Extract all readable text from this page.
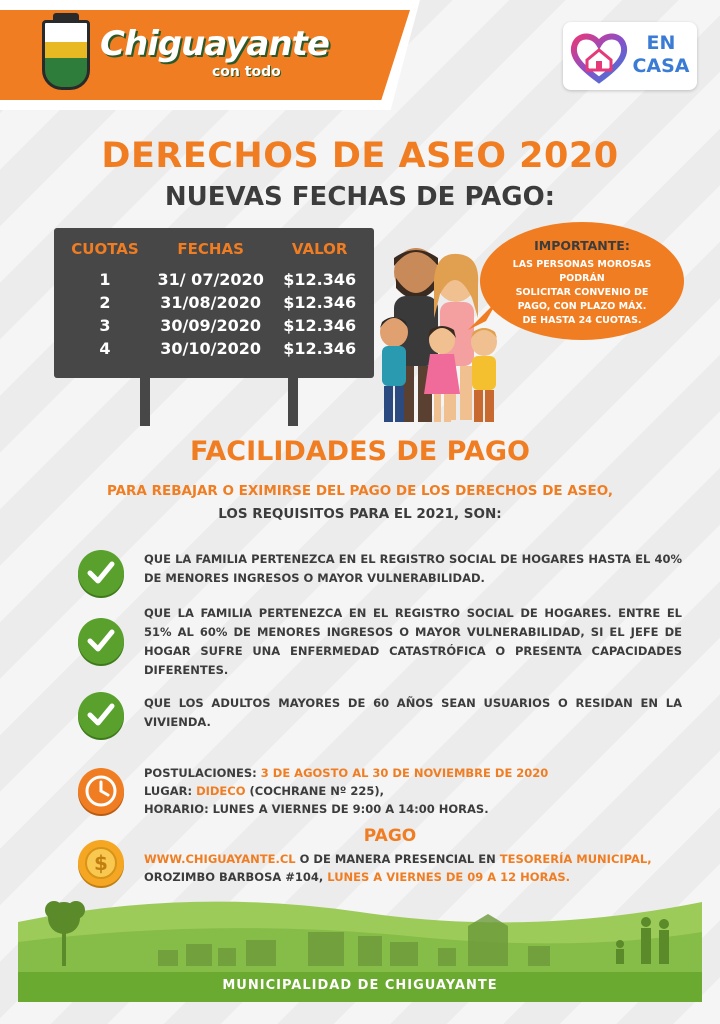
Chiguayante
con todo
EN
CASA
DERECHOS DE ASEO 2020
NUEVAS FECHAS DE PAGO:
CUOTAS	FECHAS	VALOR
1	31/ 07/2020	$12.346
2	31/08/2020	$12.346
3	30/09/2020	$12.346
4	30/10/2020	$12.346
IMPORTANTE:
LAS PERSONAS MOROSAS PODRÁN
SOLICITAR CONVENIO DE
PAGO, CON PLAZO MÁX.
DE HASTA 24 CUOTAS.
FACILIDADES DE PAGO
PARA REBAJAR O EXIMIRSE DEL PAGO DE LOS DERECHOS DE ASEO,
LOS REQUISITOS PARA EL 2021, SON:
QUE LA FAMILIA PERTENEZCA EN EL REGISTRO SOCIAL DE HOGARES HASTA EL 40% DE MENORES INGRESOS O MAYOR VULNERABILIDAD.
QUE LA FAMILIA PERTENEZCA EN EL REGISTRO SOCIAL DE HOGARES. ENTRE EL 51% AL 60% DE MENORES INGRESOS O MAYOR VULNERABILIDAD, SI EL JEFE DE HOGAR SUFRE UNA ENFERMEDAD CATASTRÓFICA O PRESENTA CAPACIDADES DIFERENTES.
QUE LOS ADULTOS MAYORES DE 60 AÑOS SEAN USUARIOS O RESIDAN EN LA VIVIENDA.
POSTULACIONES: 3 DE AGOSTO AL 30 DE NOVIEMBRE DE 2020
LUGAR: DIDECO (COCHRANE Nº 225),
HORARIO: LUNES A VIERNES DE 9:00 A 14:00 HORAS.
PAGO
$	WWW.CHIGUAYANTE.CL O DE MANERA PRESENCIAL EN TESORERÍA MUNICIPAL,
OROZIMBO BARBOSA #104, LUNES A VIERNES DE 09 A 12 HORAS.
MUNICIPALIDAD DE CHIGUAYANTE
